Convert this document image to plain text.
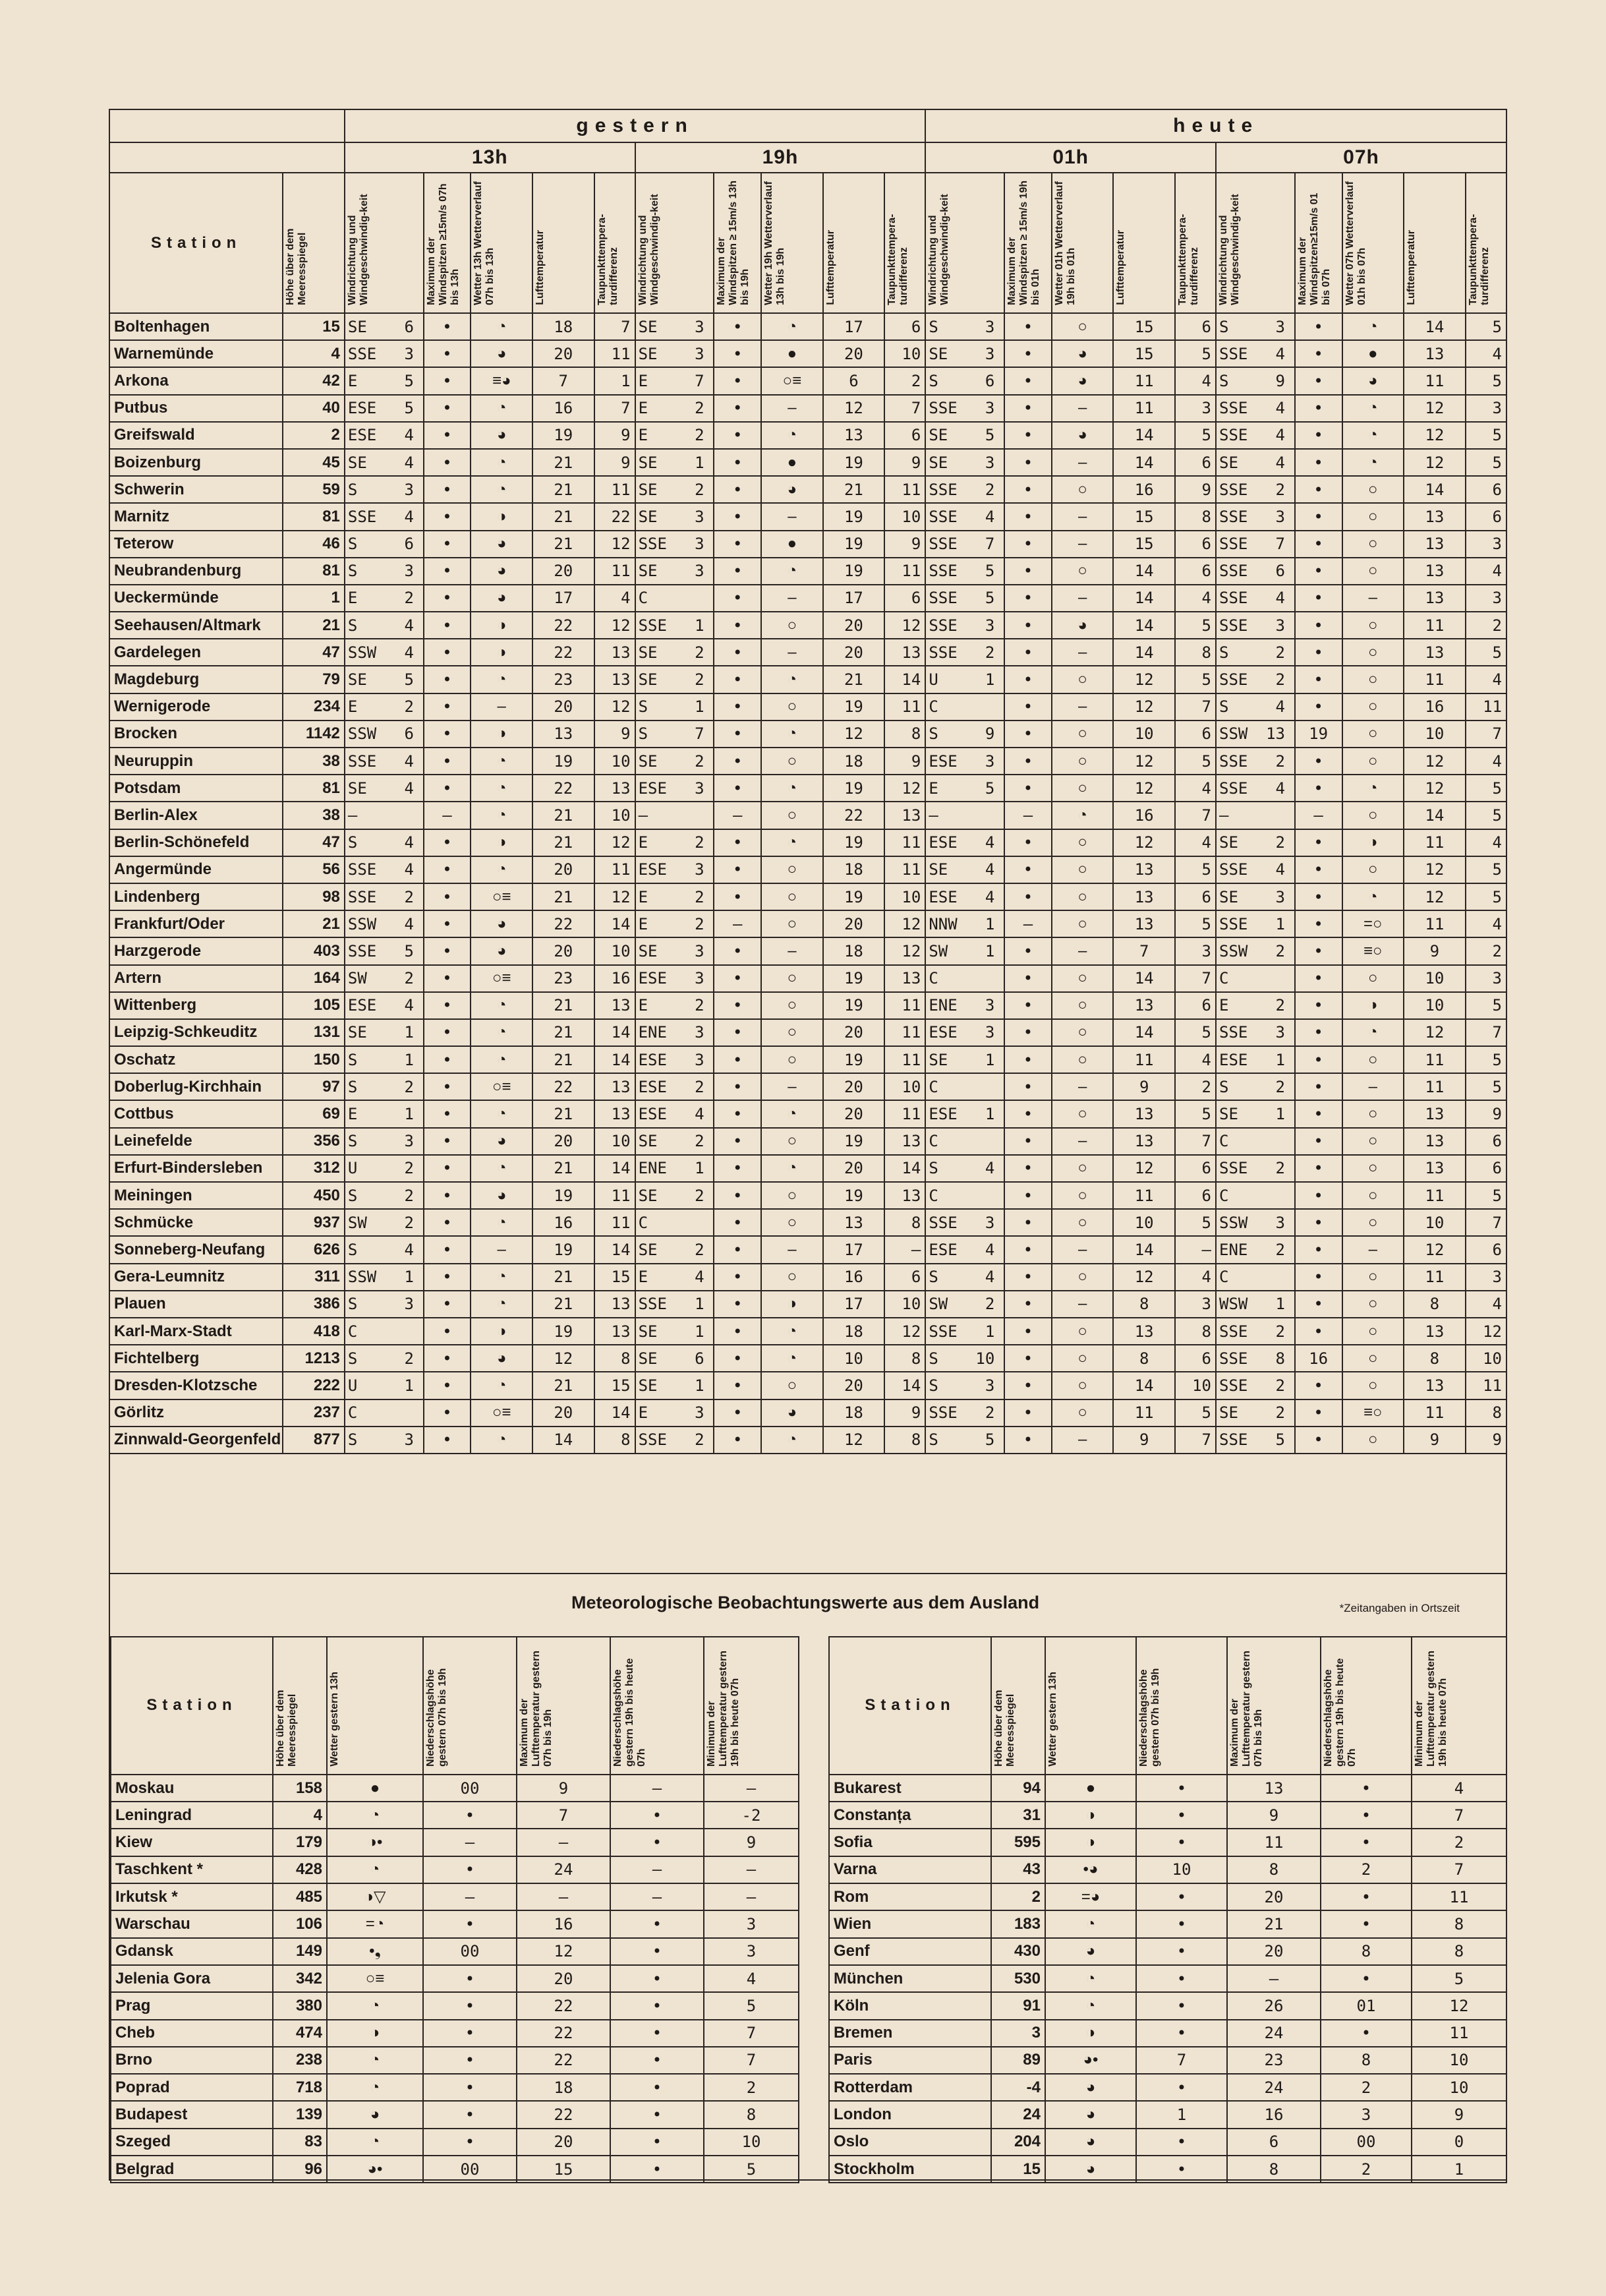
		gestern										heute									
		13h					19h					01h					07h				
Station	Höhe über dem Meeresspiegel	Windrichtung und Windgeschwindig-keit	Maximum der Windspitzen ≥15m/s 07h bis 13h	Wetter 13h Wetterverlauf 07h bis 13h	Lufttemperatur	Taupunkttempera-turdifferenz	Windrichtung und Windgeschwindig-keit	Maximum der Windspitzen ≥ 15m/s 13h bis 19h	Wetter 19h Wetterverlauf 13h bis 19h	Lufttemperatur	Taupunkttempera-turdifferenz	Windrichtung und Windgeschwindig-keit	Maximum der Windspitzen ≥ 15m/s 19h bis 01h	Wetter 01h Wetterverlauf 19h bis 01h	Lufttemperatur	Taupunkttempera-turdifferenz	Windrichtung und Windgeschwindig-keit	Maximum der Windspitzen≥15m/s 01 bis 07h	Wetter 07h Wetterverlauf 01h bis 07h	Lufttemperatur	Taupunkttempera-turdifferenz
Boltenhagen	15	SE 6	•	◔	18	7	SE 3	•	◔	17	6	S 3	•	○	15	6	S 3	•	◔	14	5
Warnemünde	4	SSE 3	•	◕	20	11	SE 3	•	●	20	10	SE 3	•	◕	15	5	SSE 4	•	●	13	4
Arkona	42	E 5	•	≡◕	7	1	E 7	•	○≡	6	2	S 6	•	◕	11	4	S 9	•	◕	11	5
Putbus	40	ESE 5	•	◔	16	7	E 2	•	–	12	7	SSE 3	•	–	11	3	SSE 4	•	◔	12	3
Greifswald	2	ESE 4	•	◕	19	9	E 2	•	◔	13	6	SE 5	•	◕	14	5	SSE 4	•	◔	12	5
Boizenburg	45	SE 4	•	◔	21	9	SE 1	•	●	19	9	SE 3	•	–	14	6	SE 4	•	◔	12	5
Schwerin	59	S 3	•	◔	21	11	SE 2	•	◕	21	11	SSE 2	•	○	16	9	SSE 2	•	○	14	6
Marnitz	81	SSE 4	•	◑	21	22	SE 3	•	–	19	10	SSE 4	•	–	15	8	SSE 3	•	○	13	6
Teterow	46	S 6	•	◕	21	12	SSE 3	•	●	19	9	SSE 7	•	–	15	6	SSE 7	•	○	13	3
Neubrandenburg	81	S 3	•	◕	20	11	SE 3	•	◔	19	11	SSE 5	•	○	14	6	SSE 6	•	○	13	4
Ueckermünde	1	E 2	•	◕	17	4	C	•	–	17	6	SSE 5	•	–	14	4	SSE 4	•	–	13	3
Seehausen/Altmark	21	S 4	•	◑	22	12	SSE 1	•	○	20	12	SSE 3	•	◕	14	5	SSE 3	•	○	11	2
Gardelegen	47	SSW 4	•	◑	22	13	SE 2	•	–	20	13	SSE 2	•	–	14	8	S 2	•	○	13	5
Magdeburg	79	SE 5	•	◔	23	13	SE 2	•	◔	21	14	U 1	•	○	12	5	SSE 2	•	○	11	4
Wernigerode	234	E 2	•	–	20	12	S 1	•	○	19	11	C	•	–	12	7	S 4	•	○	16	11
Brocken	1142	SSW 6	•	◑	13	9	S 7	•	◔	12	8	S 9	•	○	10	6	SSW 13	19	○	10	7
Neuruppin	38	SSE 4	•	◔	19	10	SE 2	•	○	18	9	ESE 3	•	○	12	5	SSE 2	•	○	12	4
Potsdam	81	SE 4	•	◔	22	13	ESE 3	•	◔	19	12	E 5	•	○	12	4	SSE 4	•	◔	12	5
Berlin-Alex	38	–	–	◔	21	10	–	–	○	22	13	–	–	◔	16	7	–	–	○	14	5
Berlin-Schönefeld	47	S 4	•	◑	21	12	E 2	•	◔	19	11	ESE 4	•	○	12	4	SE 2	•	◑	11	4
Angermünde	56	SSE 4	•	◔	20	11	ESE 3	•	○	18	11	SE 4	•	○	13	5	SSE 4	•	○	12	5
Lindenberg	98	SSE 2	•	○≡	21	12	E 2	•	○	19	10	ESE 4	•	○	13	6	SE 3	•	◔	12	5
Frankfurt/Oder	21	SSW 4	•	◕	22	14	E 2	–	○	20	12	NNW 1	–	○	13	5	SSE 1	•	=○	11	4
Harzgerode	403	SSE 5	•	◕	20	10	SE 3	•	–	18	12	SW 1	•	–	7	3	SSW 2	•	≡○	9	2
Artern	164	SW 2	•	○≡	23	16	ESE 3	•	○	19	13	C	•	○	14	7	C	•	○	10	3
Wittenberg	105	ESE 4	•	◔	21	13	E 2	•	○	19	11	ENE 3	•	○	13	6	E 2	•	◑	10	5
Leipzig-Schkeuditz	131	SE 1	•	◔	21	14	ENE 3	•	○	20	11	ESE 3	•	○	14	5	SSE 3	•	◔	12	7
Oschatz	150	S 1	•	◔	21	14	ESE 3	•	○	19	11	SE 1	•	○	11	4	ESE 1	•	○	11	5
Doberlug-Kirchhain	97	S 2	•	○≡	22	13	ESE 2	•	–	20	10	C	•	–	9	2	S 2	•	–	11	5
Cottbus	69	E 1	•	◔	21	13	ESE 4	•	◔	20	11	ESE 1	•	○	13	5	SE 1	•	○	13	9
Leinefelde	356	S 3	•	◕	20	10	SE 2	•	○	19	13	C	•	–	13	7	C	•	○	13	6
Erfurt-Bindersleben	312	U 2	•	◔	21	14	ENE 1	•	◔	20	14	S 4	•	○	12	6	SSE 2	•	○	13	6
Meiningen	450	S 2	•	◕	19	11	SE 2	•	○	19	13	C	•	○	11	6	C	•	○	11	5
Schmücke	937	SW 2	•	◔	16	11	C	•	○	13	8	SSE 3	•	○	10	5	SSW 3	•	○	10	7
Sonneberg-Neufang	626	S 4	•	–	19	14	SE 2	•	–	17	–	ESE 4	•	–	14	–	ENE 2	•	–	12	6
Gera-Leumnitz	311	SSW 1	•	◔	21	15	E 4	•	○	16	6	S 4	•	○	12	4	C	•	○	11	3
Plauen	386	S 3	•	◔	21	13	SSE 1	•	◑	17	10	SW 2	•	–	8	3	WSW 1	•	○	8	4
Karl-Marx-Stadt	418	C	•	◑	19	13	SE 1	•	◔	18	12	SSE 1	•	○	13	8	SSE 2	•	○	13	12
Fichtelberg	1213	S 2	•	◕	12	8	SE 6	•	◔	10	8	S 10	•	○	8	6	SSE 8	16	○	8	10
Dresden-Klotzsche	222	U 1	•	◔	21	15	SE 1	•	○	20	14	S 3	•	○	14	10	SSE 2	•	○	13	11
Görlitz	237	C	•	○≡	20	14	E 3	•	◕	18	9	SSE 2	•	○	11	5	SE 2	•	≡○	11	8
Zinnwald-Georgenfeld	877	S 3	•	◔	14	8	SSE 2	•	◔	12	8	S 5	•	–	9	7	SSE 5	•	○	9	9
Meteorologische Beobachtungswerte aus dem Ausland	*Zeitangaben in Ortszeit
Station	Höhe über dem Meeresspiegel	Wetter gestern 13h	Niederschlagshöhe gestern 07h bis 19h	Maximum der Lufttemperatur gestern 07h bis 19h	Niederschlagshöhe gestern 19h bis heute 07h	Minimum der Lufttemperatur gestern 19h bis heute 07h
Moskau	158	●	00	9	–	–
Leningrad	4	◔	•	7	•	-2
Kiew	179	◑•	–	–	•	9
Taschkent *	428	◔	•	24	–	–
Irkutsk *	485	◑▽	–	–	–	–
Warschau	106	=◔	•	16	•	3
Gdansk	149	•❟	00	12	•	3
Jelenia Gora	342	○≡	•	20	•	4
Prag	380	◔	•	22	•	5
Cheb	474	◑	•	22	•	7
Brno	238	◔	•	22	•	7
Poprad	718	◔	•	18	•	2
Budapest	139	◕	•	22	•	8
Szeged	83	◔	•	20	•	10
Belgrad	96	◕•	00	15	•	5
Station	Höhe über dem Meeresspiegel	Wetter gestern 13h	Niederschlagshöhe gestern 07h bis 19h	Maximum der Lufttemperatur gestern 07h bis 19h	Niederschlagshöhe gestern 19h bis heute 07h	Minimum der Lufttemperatur gestern 19h bis heute 07h
Bukarest	94	●	•	13	•	4
Constanța	31	◑	•	9	•	7
Sofia	595	◑	•	11	•	2
Varna	43	•◕	10	8	2	7
Rom	2	=◕	•	20	•	11
Wien	183	◔	•	21	•	8
Genf	430	◕	•	20	8	8
München	530	◔	•	–	•	5
Köln	91	◔	•	26	01	12
Bremen	3	◑	•	24	•	11
Paris	89	◕•	7	23	8	10
Rotterdam	-4	◕	•	24	2	10
London	24	◕	1	16	3	9
Oslo	204	◕	•	6	00	0
Stockholm	15	◕	•	8	2	1
